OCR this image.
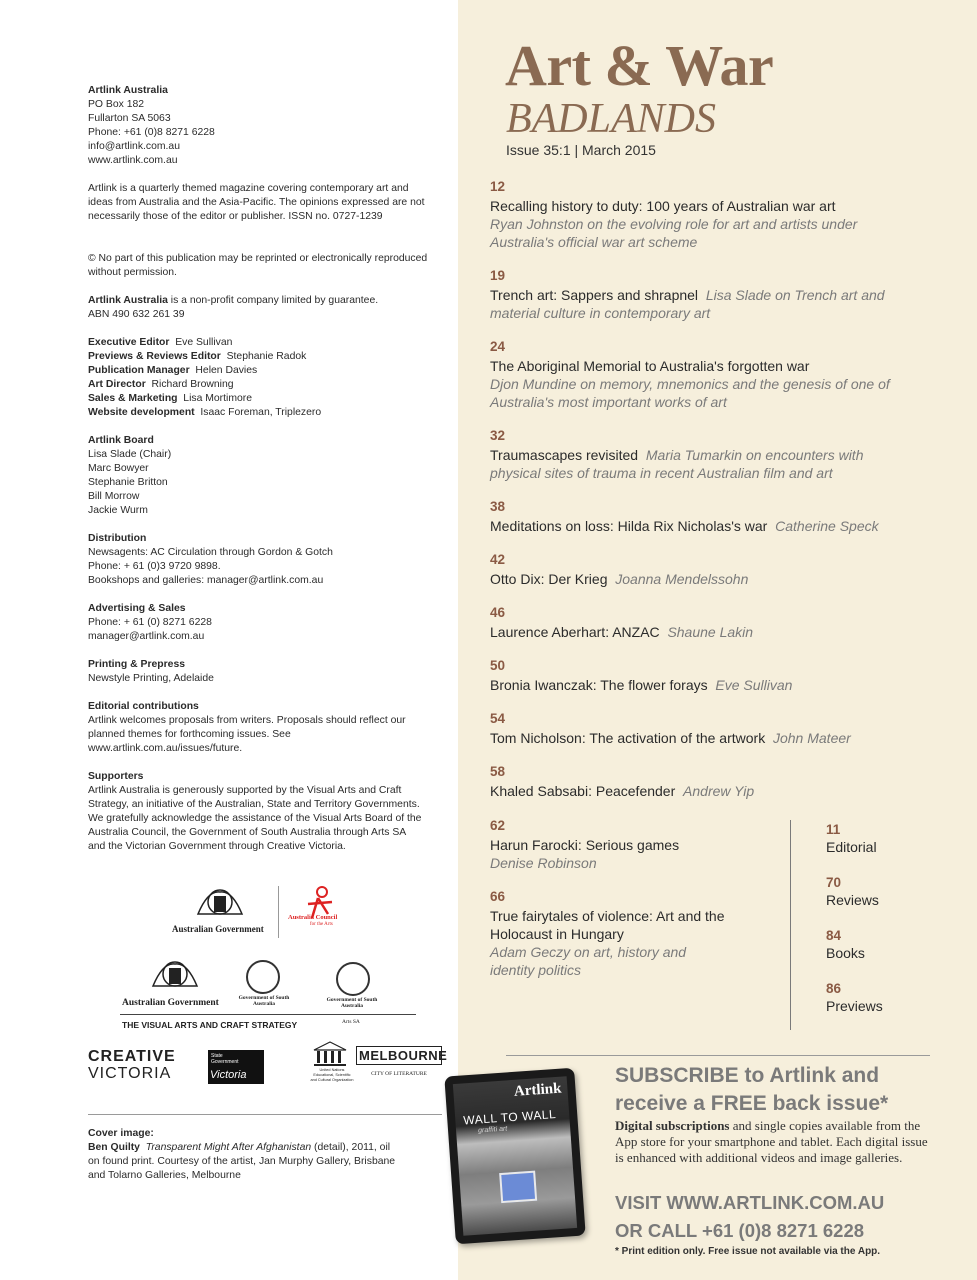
Artlink Australia

PO Box 182

Fullarton SA 5063

Phone: +61 (0)8 8271 6228

info@artlink.com.au

www.artlink.com.au

Artlink is a quarterly themed magazine covering contemporary art and ideas from Australia and the Asia-Pacific. The opinions expressed are not necessarily those of the editor or publisher. ISSN no. 0727-1239
© No part of this publication may be reprinted or electronically reproduced without permission.

Artlink Australia is a non-profit company limited by guarantee.

ABN 490 632 261 39

Executive Editor Eve Sullivan

Previews & Reviews Editor Stephanie Radok

Publication Manager Helen Davies

Art Director Richard Browning

Sales & Marketing Lisa Mortimore

Website development Isaac Foreman, Triplezero

Artlink Board

Lisa Slade (Chair)

Marc Bowyer

Stephanie Britton

Bill Morrow

Jackie Wurm

Distribution

Newsagents: AC Circulation through Gordon & Gotch

Phone: + 61 (0)3 9720 9898.

Bookshops and galleries: manager@artlink.com.au

Advertising & Sales

Phone: + 61 (0) 8271 6228

manager@artlink.com.au

Printing & Prepress

Newstyle Printing, Adelaide

Editorial contributions

Artlink welcomes proposals from writers. Proposals should reflect our planned themes for forthcoming issues. See www.artlink.com.au/issues/future.

Supporters

Artlink Australia is generously supported by the Visual Arts and Craft Strategy, an initiative of the Australian, State and Territory Governments. We gratefully acknowledge the assistance of the Visual Arts Board of the Australia Council, the Government of South Australia through Arts SA and the Victorian Government through Creative Victoria.

Australian Government
Australia Council
for the Arts
Australian Government	Government of South Australia
Government of South Australia
Arts SA
THE VISUAL ARTS AND CRAFT STRATEGY
CREATIVE
VICTORIA
State Government
Victoria	United Nations Educational, Scientific and Cultural Organization
MELBOURNE
CITY OF LITERATURE

Cover image:

Ben Quilty Transparent Might After Afghanistan (detail), 2011, oil on found print. Courtesy of the artist, Jan Murphy Gallery, Brisbane and Tolarno Galleries, Melbourne

Art & War
BADLANDS
Issue 35:1 | March 2015
12
Recalling history to duty: 100 years of Australian war art
Ryan Johnston on the evolving role for art and artists under Australia's official war art scheme
19
Trench art: Sappers and shrapnel Lisa Slade on Trench art and material culture in contemporary art
24
The Aboriginal Memorial to Australia's forgotten war
Djon Mundine on memory, mnemonics and the genesis of one of Australia's most important works of art
32
Traumascapes revisited Maria Tumarkin on encounters with physical sites of trauma in recent Australian film and art
38
Meditations on loss: Hilda Rix Nicholas's war Catherine Speck
42
Otto Dix: Der Krieg Joanna Mendelssohn
46
Laurence Aberhart: ANZAC Shaune Lakin
50
Bronia Iwanczak: The flower forays Eve Sullivan
54
Tom Nicholson: The activation of the artwork John Mateer
58
Khaled Sabsabi: Peacefender Andrew Yip
62
Harun Farocki: Serious games
Denise Robinson
66
True fairytales of violence: Art and the Holocaust in Hungary
Adam Geczy on art, history and identity politics
11
Editorial
70
Reviews
84
Books
86
Previews
Artlink
WALL TO WALL
graffiti art
SUBSCRIBE to Artlink and receive a FREE back issue*
Digital subscriptions and single copies available from the App store for your smartphone and tablet. Each digital issue is enhanced with additional videos and image galleries.
VISIT WWW.ARTLINK.COM.AU
OR CALL +61 (0)8 8271 6228
* Print edition only. Free issue not available via the App.
